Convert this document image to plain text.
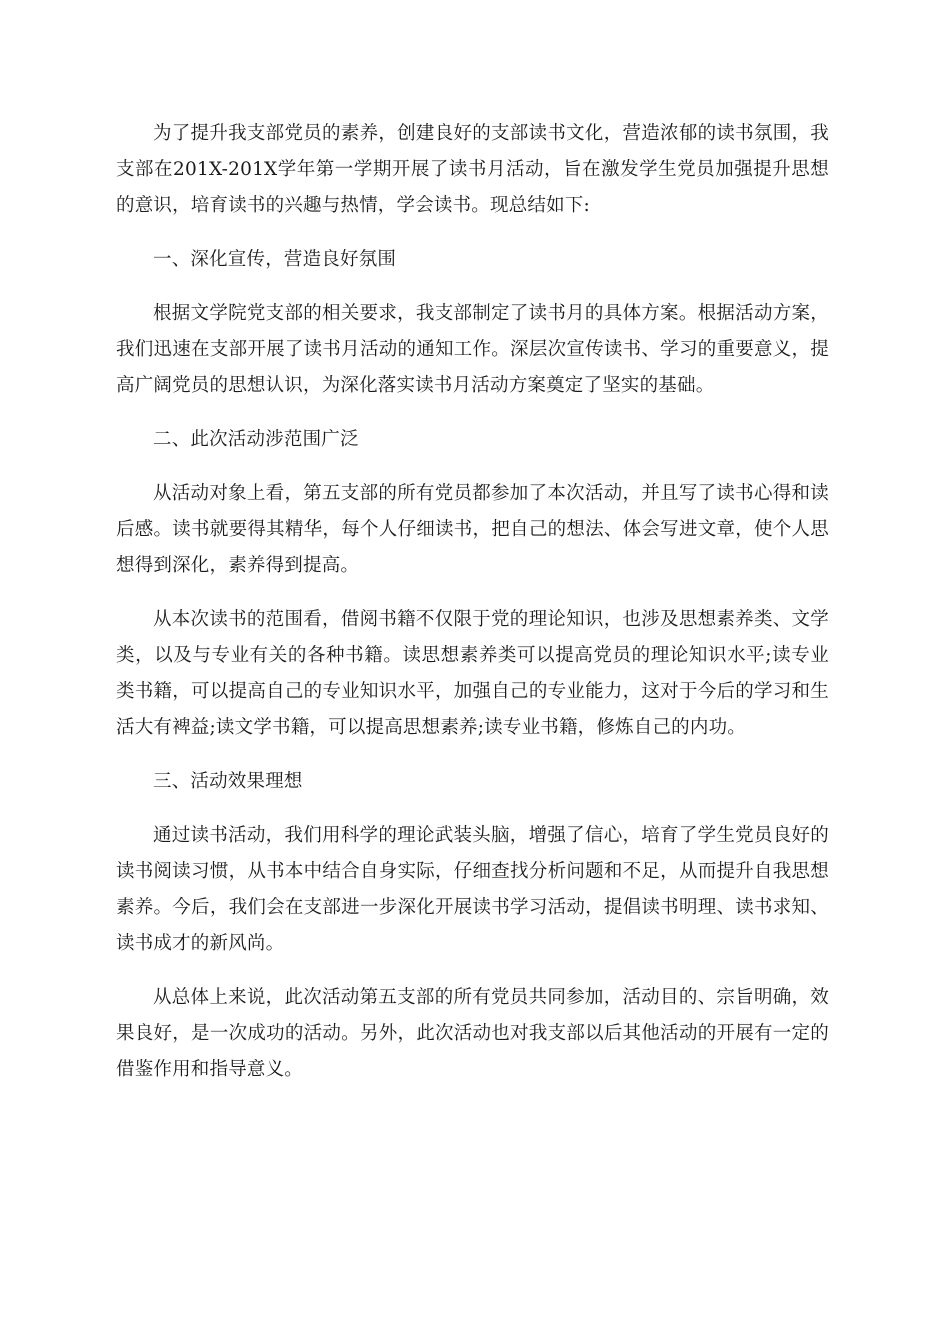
为了提升我支部党员的素养，创建良好的支部读书文化，营造浓郁的读书氛围，我支部在201X-201X学年第一学期开展了读书月活动，旨在激发学生党员加强提升思想的意识，培育读书的兴趣与热情，学会读书。现总结如下:

一、深化宣传，营造良好氛围

根据文学院党支部的相关要求，我支部制定了读书月的具体方案。根据活动方案，我们迅速在支部开展了读书月活动的通知工作。深层次宣传读书、学习的重要意义，提高广阔党员的思想认识，为深化落实读书月活动方案奠定了坚实的基础。

二、此次活动涉范围广泛

从活动对象上看，第五支部的所有党员都参加了本次活动，并且写了读书心得和读后感。读书就要得其精华，每个人仔细读书，把自己的想法、体会写进文章，使个人思想得到深化，素养得到提高。

从本次读书的范围看，借阅书籍不仅限于党的理论知识，也涉及思想素养类、文学类，以及与专业有关的各种书籍。读思想素养类可以提高党员的理论知识水平;读专业类书籍，可以提高自己的专业知识水平，加强自己的专业能力，这对于今后的学习和生活大有裨益;读文学书籍，可以提高思想素养;读专业书籍，修炼自己的内功。

三、活动效果理想

通过读书活动，我们用科学的理论武装头脑，增强了信心，培育了学生党员良好的读书阅读习惯，从书本中结合自身实际，仔细查找分析问题和不足，从而提升自我思想素养。今后，我们会在支部进一步深化开展读书学习活动，提倡读书明理、读书求知、读书成才的新风尚。

从总体上来说，此次活动第五支部的所有党员共同参加，活动目的、宗旨明确，效果良好，是一次成功的活动。另外，此次活动也对我支部以后其他活动的开展有一定的借鉴作用和指导意义。
